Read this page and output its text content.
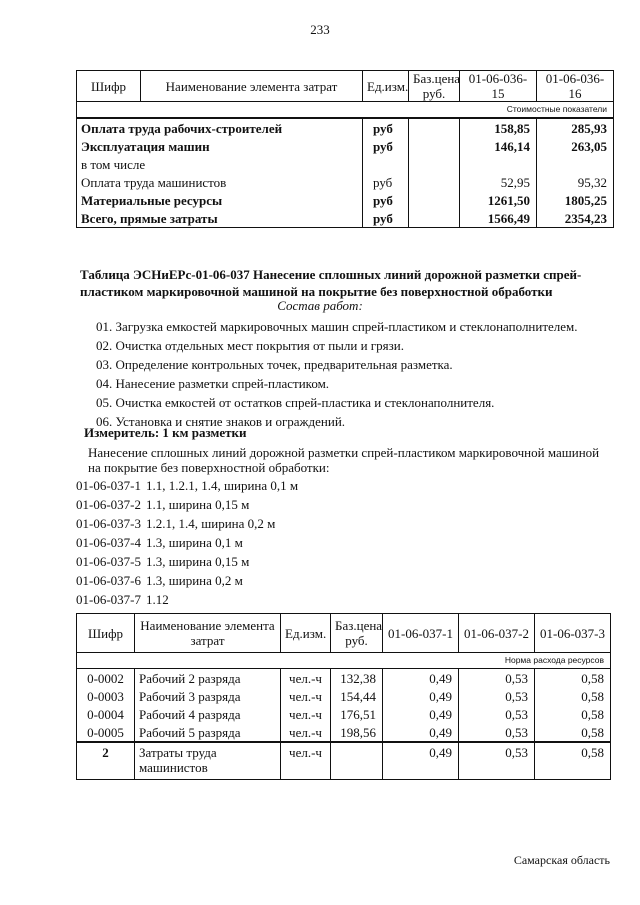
233
Шифр	Наименование элемента затрат	Ед.изм.	Баз.цена руб.	01-06-036-15	01-06-036-16
Стоимостные показатели					
Оплата труда рабочих-строителей		руб		158,85	285,93
Эксплуатация машин		руб		146,14	263,05
в том числе					
Оплата труда машинистов		руб		52,95	95,32
Материальные ресурсы		руб		1261,50	1805,25
Всего, прямые затраты		руб		1566,49	2354,23
Таблица ЭСНиЕРс-01-06-037 Нанесение сплошных линий дорожной разметки спрей-пластиком маркировочной машиной на покрытие без поверхностной обработки
Состав работ:
01. Загрузка емкостей маркировочных машин спрей-пластиком и стеклонаполнителем.
02. Очистка отдельных мест покрытия от пыли и грязи.
03. Определение контрольных точек, предварительная разметка.
04. Нанесение разметки спрей-пластиком.
05. Очистка емкостей от остатков спрей-пластика и стеклонаполнителя.
06. Установка и снятие знаков и ограждений.
Измеритель: 1 км разметки
Нанесение сплошных линий дорожной разметки спрей-пластиком маркировочной машиной на покрытие без поверхностной обработки:
01-06-037-1 1.1, 1.2.1, 1.4, ширина 0,1 м
01-06-037-2 1.1, ширина 0,15 м
01-06-037-3 1.2.1, 1.4, ширина 0,2 м
01-06-037-4 1.3, ширина 0,1 м
01-06-037-5 1.3, ширина 0,15 м
01-06-037-6 1.3, ширина 0,2 м
01-06-037-7 1.12
Шифр	Наименование элемента затрат	Ед.изм.	Баз.цена руб.	01-06-037-1	01-06-037-2	01-06-037-3
Норма расхода ресурсов						
0-0002	Рабочий 2 разряда	чел.-ч	132,38	0,49	0,53	0,58
0-0003	Рабочий 3 разряда	чел.-ч	154,44	0,49	0,53	0,58
0-0004	Рабочий 4 разряда	чел.-ч	176,51	0,49	0,53	0,58
0-0005	Рабочий 5 разряда	чел.-ч	198,56	0,49	0,53	0,58
2	Затраты труда машинистов	чел.-ч		0,49	0,53	0,58
Самарская область
